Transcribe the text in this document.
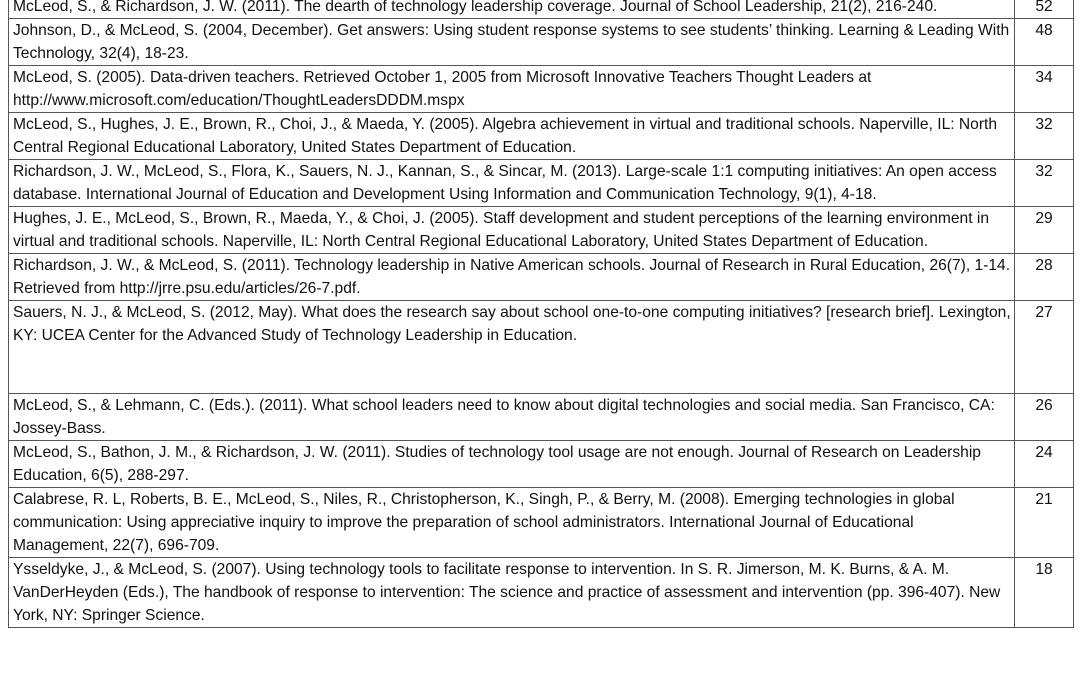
McLeod, S., & Richardson, J. W. (2011). The dearth of technology leadership coverage. Journal of School Leadership, 21(2), 216-240.	52
Johnson, D., & McLeod, S. (2004, December). Get answers: Using student response systems to see students’ thinking. Learning & Leading With Technology, 32(4), 18-23.	48
McLeod, S. (2005). Data-driven teachers. Retrieved October 1, 2005 from Microsoft Innovative Teachers Thought Leaders at http://www.microsoft.com/education/ThoughtLeadersDDDM.mspx	34
McLeod, S., Hughes, J. E., Brown, R., Choi, J., & Maeda, Y. (2005). Algebra achievement in virtual and traditional schools. Naperville, IL: North Central Regional Educational Laboratory, United States Department of Education.	32
Richardson, J. W., McLeod, S., Flora, K., Sauers, N. J., Kannan, S., & Sincar, M. (2013). Large-scale 1:1 computing initiatives: An open access database. International Journal of Education and Development Using Information and Communication Technology, 9(1), 4-18.	32
Hughes, J. E., McLeod, S., Brown, R., Maeda, Y., & Choi, J. (2005). Staff development and student perceptions of the learning environment in virtual and traditional schools. Naperville, IL: North Central Regional Educational Laboratory, United States Department of Education.	29
Richardson, J. W., & McLeod, S. (2011). Technology leadership in Native American schools. Journal of Research in Rural Education, 26(7), 1-14. Retrieved from http://jrre.psu.edu/articles/26-7.pdf.	28
Sauers, N. J., & McLeod, S. (2012, May). What does the research say about school one-to-one computing initiatives? [research brief]. Lexington, KY: UCEA Center for the Advanced Study of Technology Leadership in Education.	27
McLeod, S., & Lehmann, C. (Eds.). (2011). What school leaders need to know about digital technologies and social media. San Francisco, CA: Jossey-Bass.	26
McLeod, S., Bathon, J. M., & Richardson, J. W. (2011). Studies of technology tool usage are not enough. Journal of Research on Leadership Education, 6(5), 288-297.	24
Calabrese, R. L, Roberts, B. E., McLeod, S., Niles, R., Christopherson, K., Singh, P., & Berry, M. (2008). Emerging technologies in global communication: Using appreciative inquiry to improve the preparation of school administrators. International Journal of Educational Management, 22(7), 696-709.	21
Ysseldyke, J., & McLeod, S. (2007). Using technology tools to facilitate response to intervention. In S. R. Jimerson, M. K. Burns, & A. M. VanDerHeyden (Eds.), The handbook of response to intervention: The science and practice of assessment and intervention (pp. 396-407). New York, NY: Springer Science.	18
